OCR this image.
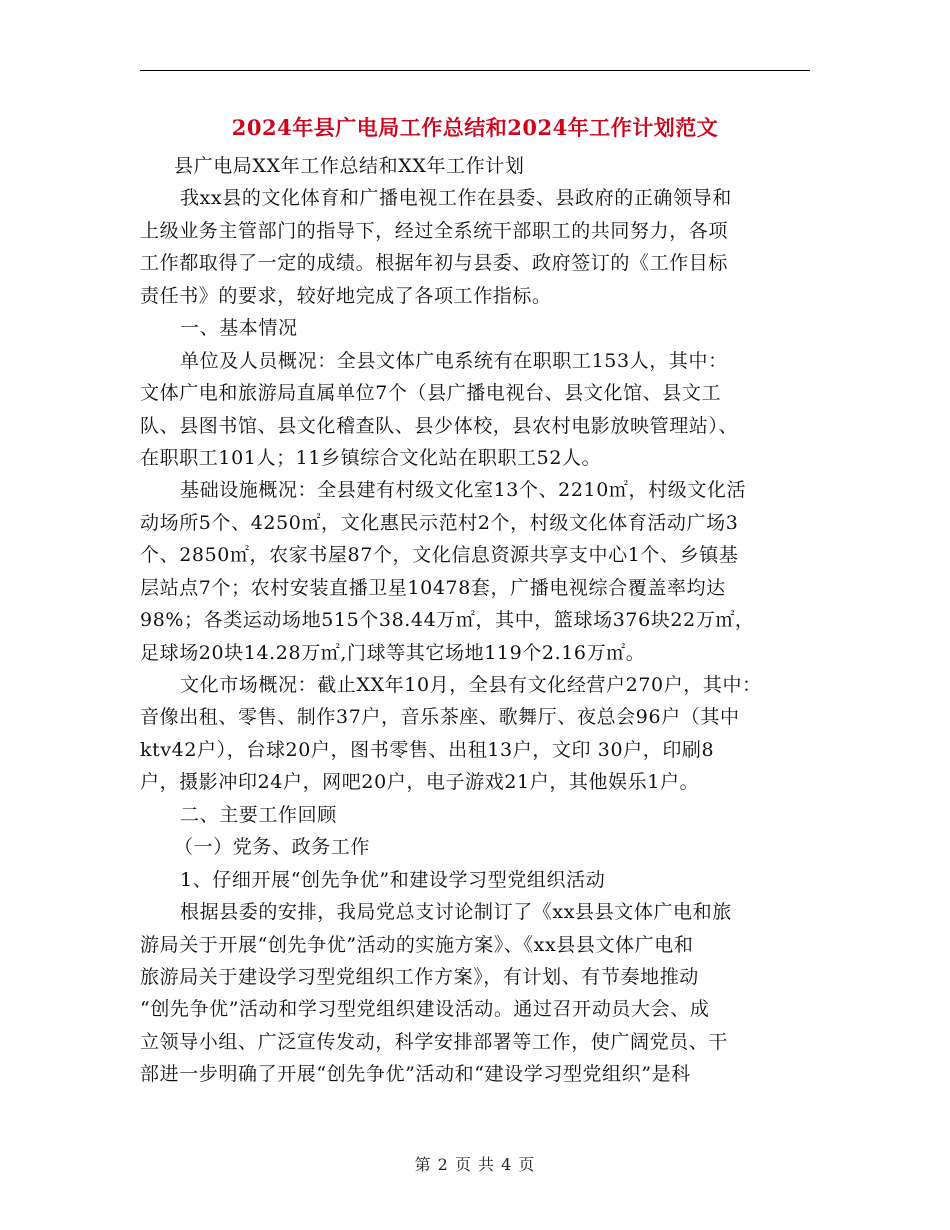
2024年县广电局工作总结和2024年工作计划范文
县广电局XX年工作总结和XX年工作计划
我xx县的文化体育和广播电视工作在县委、县政府的正确领导和
上级业务主管部门的指导下，经过全系统干部职工的共同努力，各项
工作都取得了一定的成绩。根据年初与县委、政府签订的《工作目标
责任书》的要求，较好地完成了各项工作指标。
一、基本情况
单位及人员概况：全县文体广电系统有在职职工153人，其中：
文体广电和旅游局直属单位7个（县广播电视台、县文化馆、县文工
队、县图书馆、县文化稽查队、县少体校，县农村电影放映管理站）、
在职职工101人；11乡镇综合文化站在职职工52人。
基础设施概况：全县建有村级文化室13个、2210㎡，村级文化活
动场所5个、4250㎡，文化惠民示范村2个，村级文化体育活动广场3
个、2850㎡，农家书屋87个，文化信息资源共享支中心1个、乡镇基
层站点7个；农村安装直播卫星10478套，广播电视综合覆盖率均达
98%；各类运动场地515个38.44万㎡，其中，篮球场376块22万㎡，
足球场20块14.28万㎡,门球等其它场地119个2.16万㎡。
文化市场概况：截止XX年10月，全县有文化经营户270户，其中：
音像出租、零售、制作37户，音乐茶座、歌舞厅、夜总会96户（其中
ktv42户），台球20户，图书零售、出租13户，文印 30户，印刷8
户，摄影冲印24户，网吧20户，电子游戏21户，其他娱乐1户。
二、主要工作回顾
（一）党务、政务工作
1、仔细开展“创先争优”和建设学习型党组织活动
根据县委的安排，我局党总支讨论制订了《xx县县文体广电和旅
游局关于开展“创先争优”活动的实施方案》、《xx县县文体广电和
旅游局关于建设学习型党组织工作方案》，有计划、有节奏地推动
“创先争优”活动和学习型党组织建设活动。通过召开动员大会、成
立领导小组、广泛宣传发动，科学安排部署等工作，使广阔党员、干
部进一步明确了开展“创先争优”活动和“建设学习型党组织”是科
第 2 页 共 4 页
